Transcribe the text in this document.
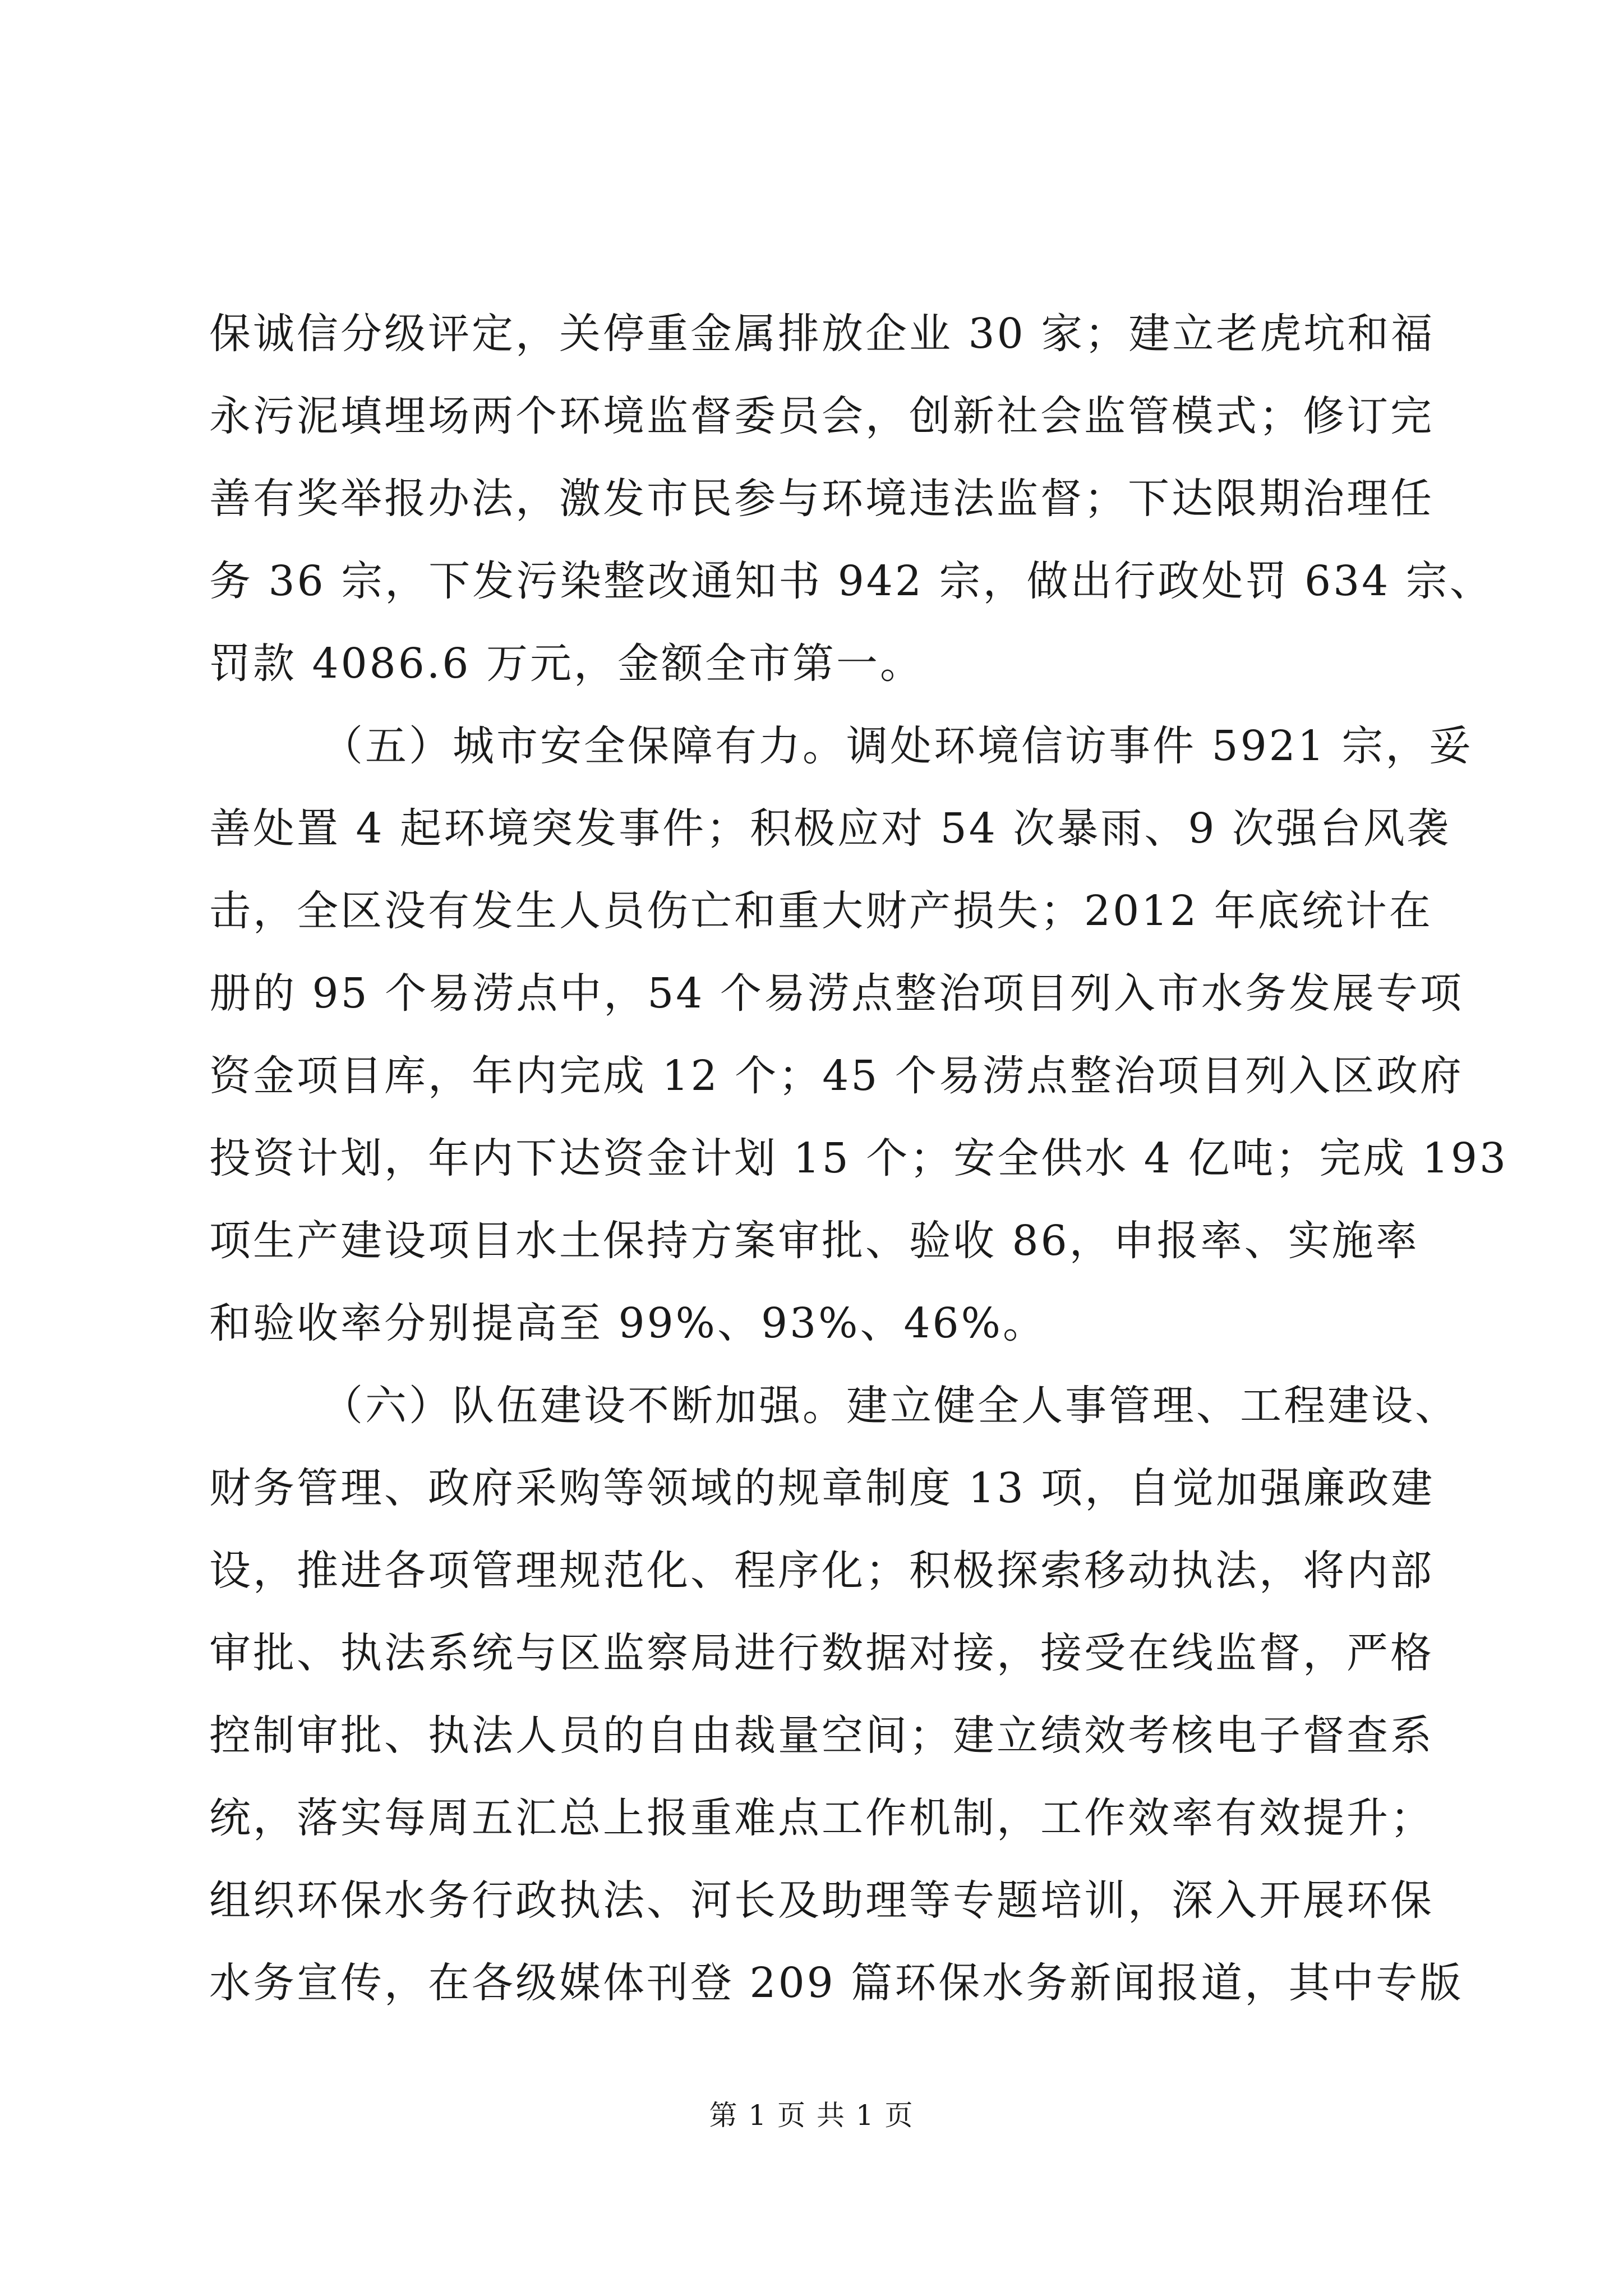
保诚信分级评定，关停重金属排放企业 30 家；建立老虎坑和福
永污泥填埋场两个环境监督委员会，创新社会监管模式；修订完
善有奖举报办法，激发市民参与环境违法监督；下达限期治理任
务 36 宗，下发污染整改通知书 942 宗，做出行政处罚 634 宗、
罚款 4086.6 万元，金额全市第一。
（五）城市安全保障有力。调处环境信访事件 5921 宗，妥
善处置 4 起环境突发事件；积极应对 54 次暴雨、9 次强台风袭
击，全区没有发生人员伤亡和重大财产损失；2012 年底统计在
册的 95 个易涝点中，54 个易涝点整治项目列入市水务发展专项
资金项目库，年内完成 12 个；45 个易涝点整治项目列入区政府
投资计划，年内下达资金计划 15 个；安全供水 4 亿吨；完成 193
项生产建设项目水土保持方案审批、验收 86，申报率、实施率
和验收率分别提高至 99%、93%、46%。
（六）队伍建设不断加强。建立健全人事管理、工程建设、
财务管理、政府采购等领域的规章制度 13 项，自觉加强廉政建
设，推进各项管理规范化、程序化；积极探索移动执法，将内部
审批、执法系统与区监察局进行数据对接，接受在线监督，严格
控制审批、执法人员的自由裁量空间；建立绩效考核电子督查系
统，落实每周五汇总上报重难点工作机制，工作效率有效提升；
组织环保水务行政执法、河长及助理等专题培训，深入开展环保
水务宣传，在各级媒体刊登 209 篇环保水务新闻报道，其中专版
第 1 页 共 1 页
